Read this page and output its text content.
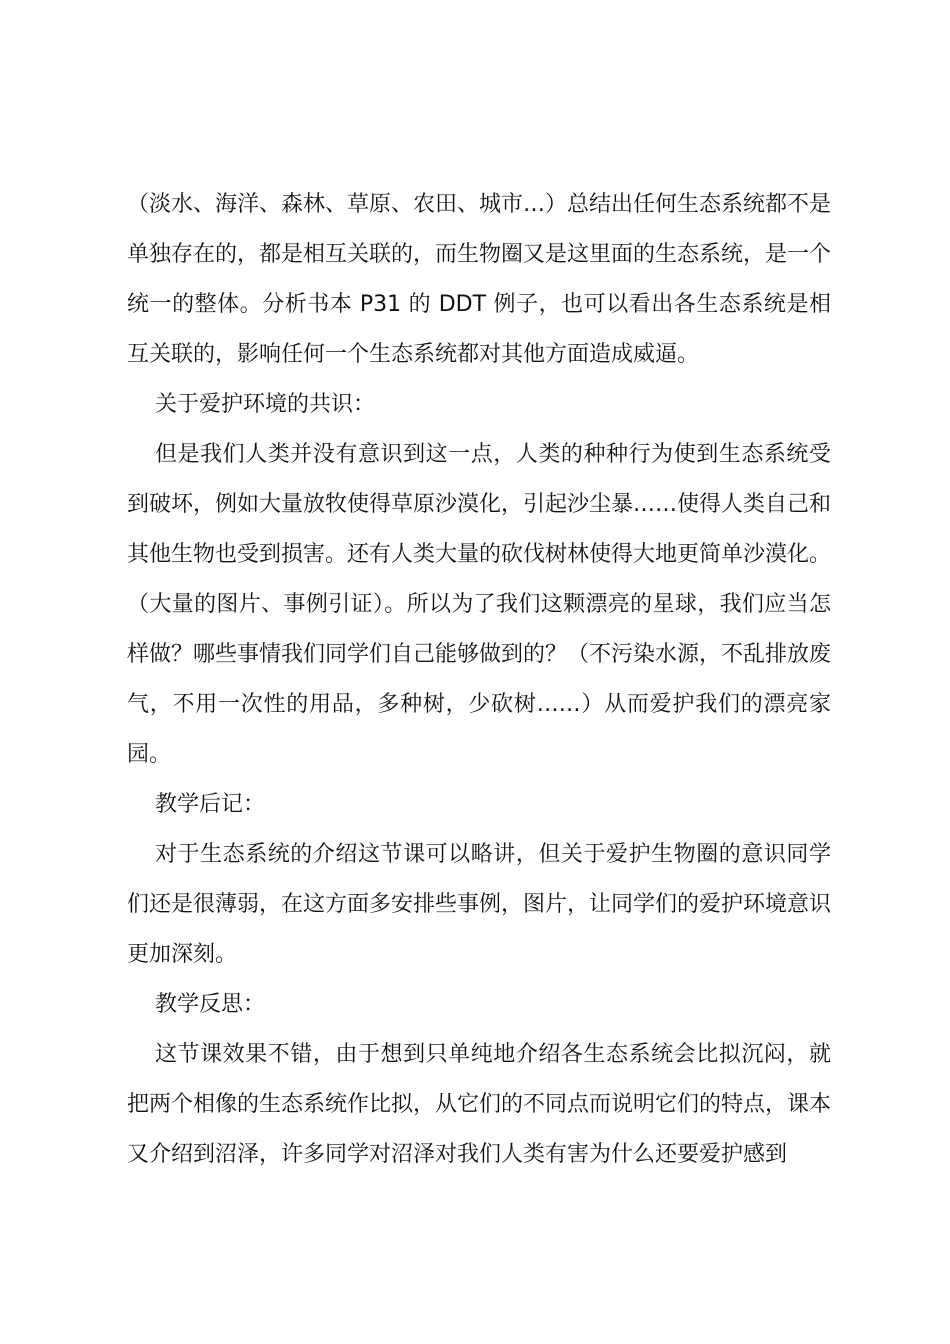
（淡水、海洋、森林、草原、农田、城市…）总结出任何生态系统都不是单独存在的，都是相互关联的，而生物圈又是这里面的生态系统，是一个统一的整体。分析书本 P31 的 DDT 例子，也可以看出各生态系统是相互关联的，影响任何一个生态系统都对其他方面造成威逼。

关于爱护环境的共识：

但是我们人类并没有意识到这一点，人类的种种行为使到生态系统受到破坏，例如大量放牧使得草原沙漠化，引起沙尘暴……使得人类自己和其他生物也受到损害。还有人类大量的砍伐树林使得大地更简单沙漠化。（大量的图片、事例引证）。所以为了我们这颗漂亮的星球，我们应当怎样做？哪些事情我们同学们自己能够做到的？（不污染水源，不乱排放废气，不用一次性的用品，多种树，少砍树……）从而爱护我们的漂亮家园。

教学后记：

对于生态系统的介绍这节课可以略讲，但关于爱护生物圈的意识同学们还是很薄弱，在这方面多安排些事例，图片，让同学们的爱护环境意识更加深刻。

教学反思：

这节课效果不错，由于想到只单纯地介绍各生态系统会比拟沉闷，就把两个相像的生态系统作比拟，从它们的不同点而说明它们的特点，课本又介绍到沼泽，许多同学对沼泽对我们人类有害为什么还要爱护感到
